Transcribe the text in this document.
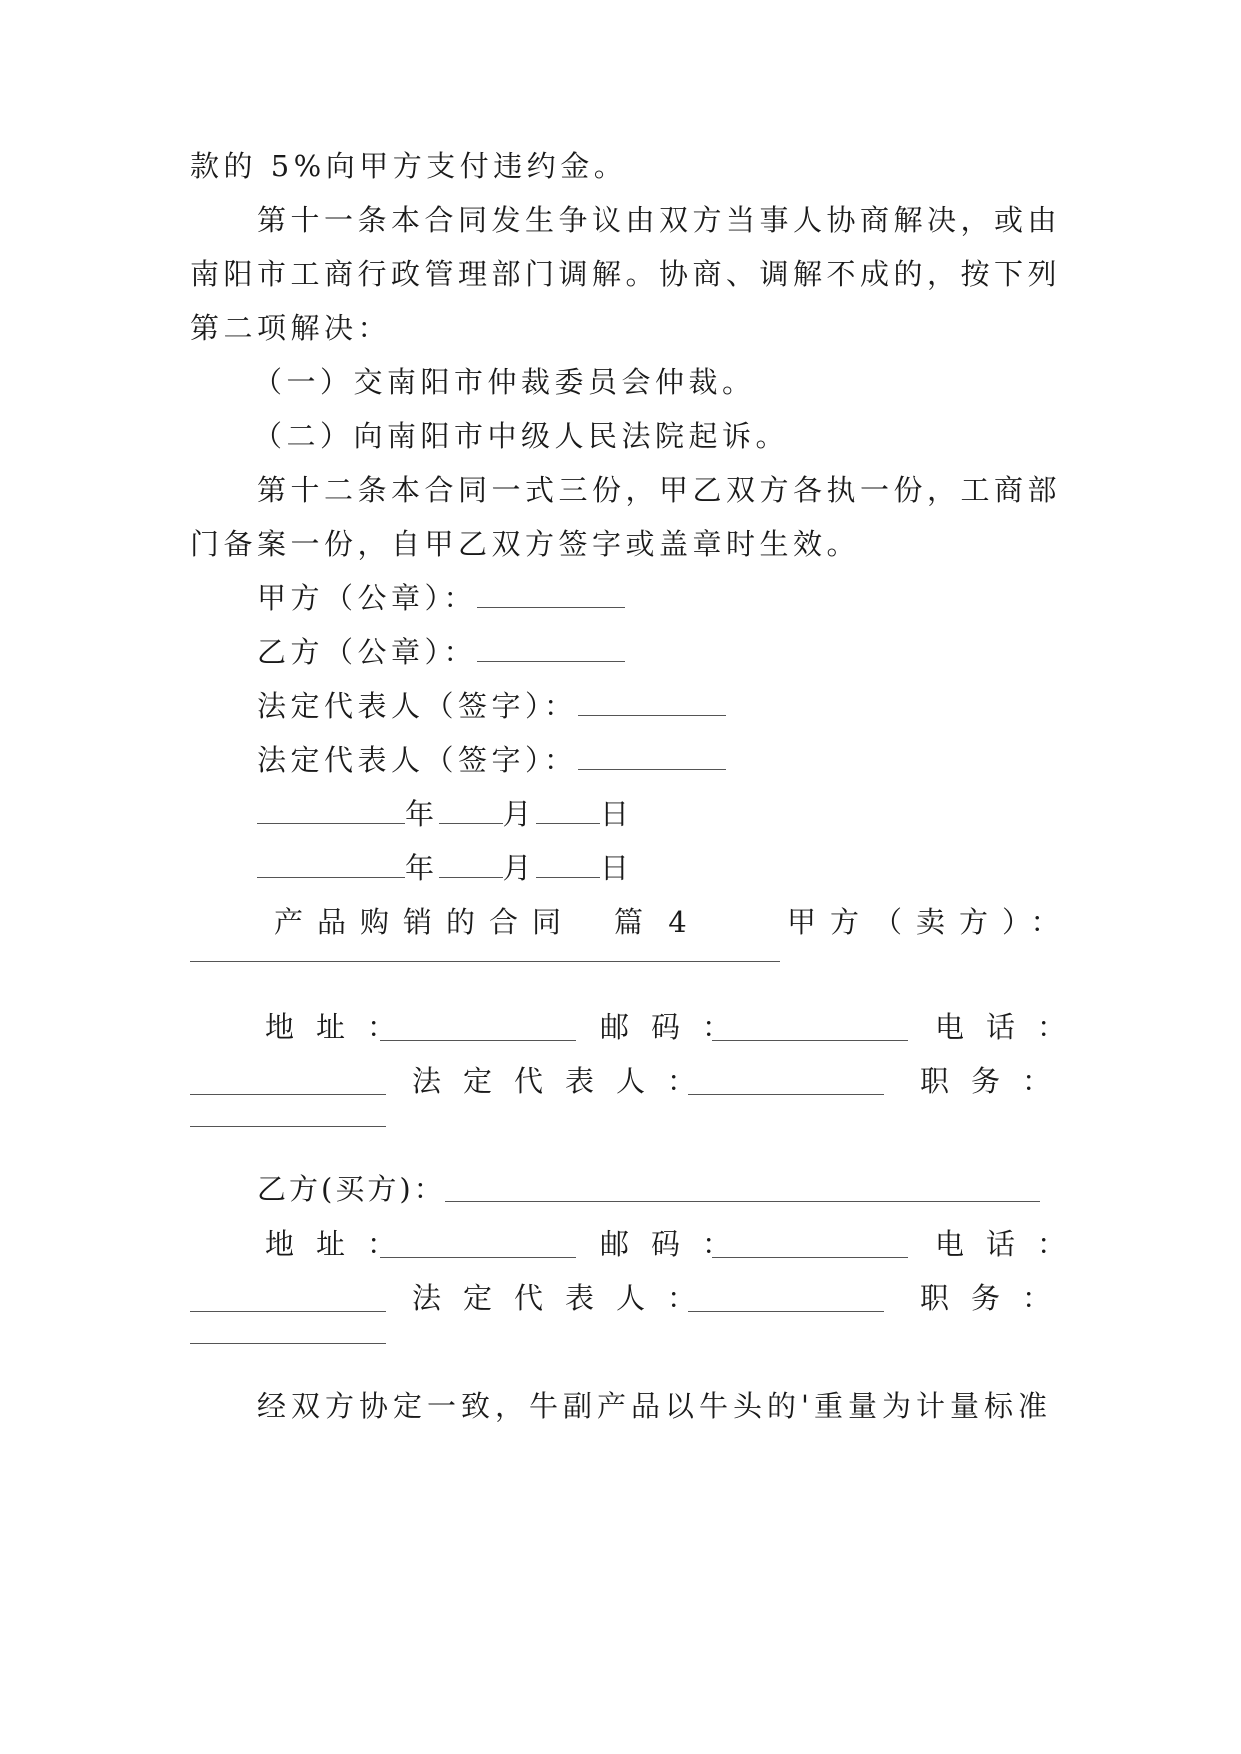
款的 5%向甲方支付违约金。
第十一条本合同发生争议由双方当事人协商解决，或由
南阳市工商行政管理部门调解。协商、调解不成的，按下列
第二项解决：
（一）交南阳市仲裁委员会仲裁。
（二）向南阳市中级人民法院起诉。
第十二条本合同一式三份，甲乙双方各执一份，工商部
门备案一份，自甲乙双方签字或盖章时生效。
甲方（公章）：
乙方（公章）：
法定代表人（签字）：
法定代表人（签字）：
年 月 日
年 月 日
产品购销的合同 篇 4	甲方（卖方）：
地址：	邮码：	电话：
法定代表人：	职务：
乙方(买方)：
地址：	邮码：	电话：
法定代表人：	职务：
经双方协定一致，牛副产品以牛头的'重量为计量标准
